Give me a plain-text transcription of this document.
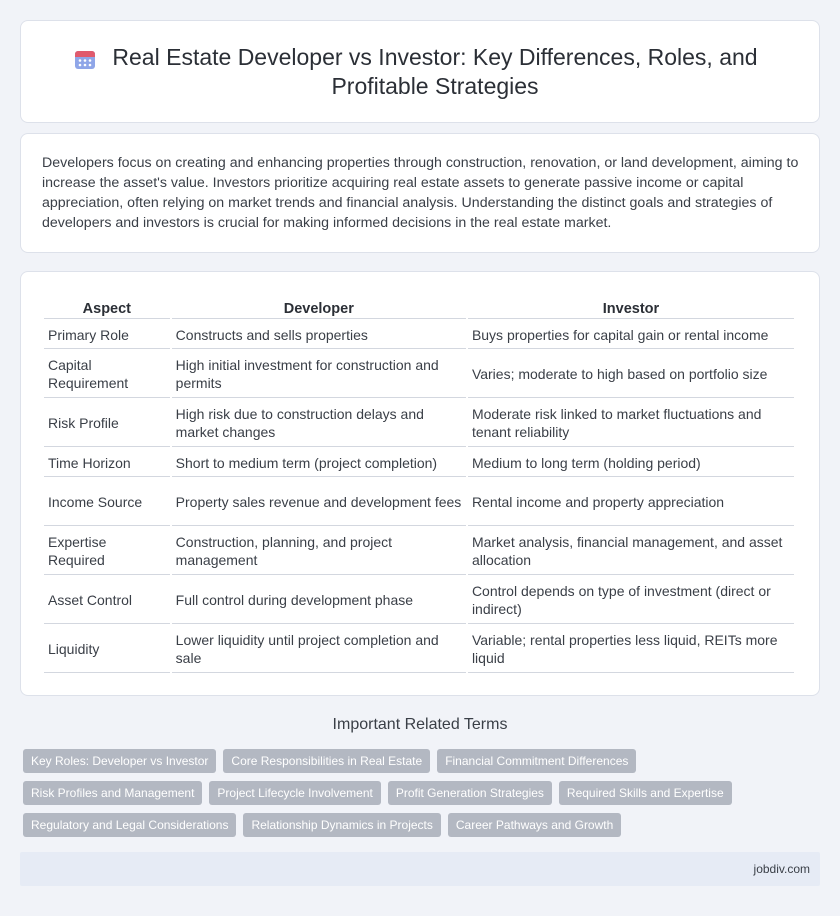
Real Estate Developer vs Investor: Key Differences, Roles, and Profitable Strategies

Developers focus on creating and enhancing properties through construction, renovation, or land development, aiming to increase the asset's value. Investors prioritize acquiring real estate assets to generate passive income or capital appreciation, often relying on market trends and financial analysis. Understanding the distinct goals and strategies of developers and investors is crucial for making informed decisions in the real estate market.

Aspect	Developer	Investor
Primary Role	Constructs and sells properties	Buys properties for capital gain or rental income
Capital Requirement	High initial investment for construction and permits	Varies; moderate to high based on portfolio size
Risk Profile	High risk due to construction delays and market changes	Moderate risk linked to market fluctuations and tenant reliability
Time Horizon	Short to medium term (project completion)	Medium to long term (holding period)
Income Source	Property sales revenue and development fees	Rental income and property appreciation
Expertise Required	Construction, planning, and project management	Market analysis, financial management, and asset allocation
Asset Control	Full control during development phase	Control depends on type of investment (direct or indirect)
Liquidity	Lower liquidity until project completion and sale	Variable; rental properties less liquid, REITs more liquid
Important Related Terms
Key Roles: Developer vs Investor	Core Responsibilities in Real Estate	Financial Commitment Differences
Risk Profiles and Management	Project Lifecycle Involvement	Profit Generation Strategies	Required Skills and Expertise
Regulatory and Legal Considerations	Relationship Dynamics in Projects	Career Pathways and Growth
jobdiv.com
